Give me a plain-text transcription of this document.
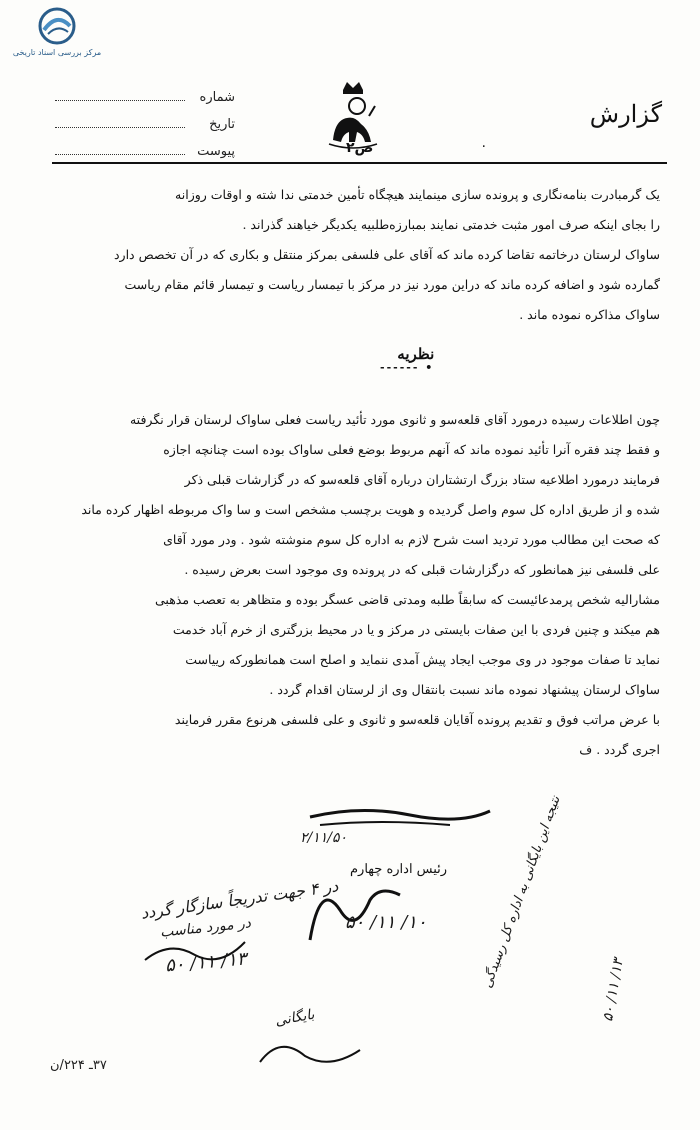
مرکز بررسی اسناد تاریخی
شماره
تاریخ
پیوست
گزارش
۰
ص۲
یک گرمبادرت بنامه‌نگاری و پرونده سازی مینمایند هیچگاه تأمین خدمتی ندا شته و اوقات روزانه
را بجای اینکه صرف امور مثبت خدمتی نمایند بمبارزه‌طلبیه یکدیگر خیاهند گذراند .
ساواک لرستان درخاتمه تقاضا کرده ماند که آقای علی فلسفی بمرکز منتقل و بکاری که در آن تخصص دارد
گمارده شود و اضافه کرده ماند که دراین مورد نیز در مرکز با تیمسار ریاست و تیمسار قائم مقام ریاست
ساواک مذاکره نموده ماند .
نظریه
• ‑‑‑‑‑‑
چون اطلاعات رسیده درمورد آقای قلعه‌سو و ثانوی مورد تأئید ریاست فعلی ساواک لرستان قرار نگرفته
و فقط چند فقره آنرا تأئید نموده ماند که آنهم مربوط بوضع فعلی ساواک بوده است چنانچه اجازه
فرمایند درمورد اطلاعیه ستاد بزرگ ارتشتاران درباره آقای قلعه‌سو که در گزارشات قبلی ذکر
شده و از طریق اداره کل سوم واصل گردیده و هویت برچسب مشخص است و سا واک مربوطه اظهار کرده ماند
که صحت این مطالب مورد تردید است شرح لازم به اداره کل سوم منوشته شود . ودر مورد آقای
علی فلسفی نیز همانطور که درگزارشات قبلی که در پرونده وی موجود است بعرض رسیده .
مشارالیه شخص پرمدعائیست که سابقاً طلبه ومدتی قاضی عسگر بوده و متظاهر به تعصب مذهبی
هم میکند و چنین فردی با این صفات بایستی در مرکز و یا در محیط بزرگتری از خرم آباد خدمت
نماید تا صفات موجود در وی موجب ایجاد پیش آمدی ننماید و اصلح است همانطورکه رییاست
ساواک لرستان پیشنهاد نموده ماند نسبت بانتقال وی از لرستان اقدام گردد .
با عرض مراتب فوق و تقدیم پرونده آقایان قلعه‌سو و ثانوی و علی فلسفی هرنوع مقرر فرمایند
اجری گردد . ف
۲/۱۱/۵۰
رئیس اداره چهارم
۱۰/ ۱۱/ ۵۰
در ۴ جهت تدریجاً سازگار گردد
در مورد مناسب
۱۳/ ۱۱/ ۵۰
بایگانی
نتیجه این بایگانی به اداره کل رسیدگی
۱۳/ ۱۱/ ۵۰
۳۷ـ ۲۲۴/ن
